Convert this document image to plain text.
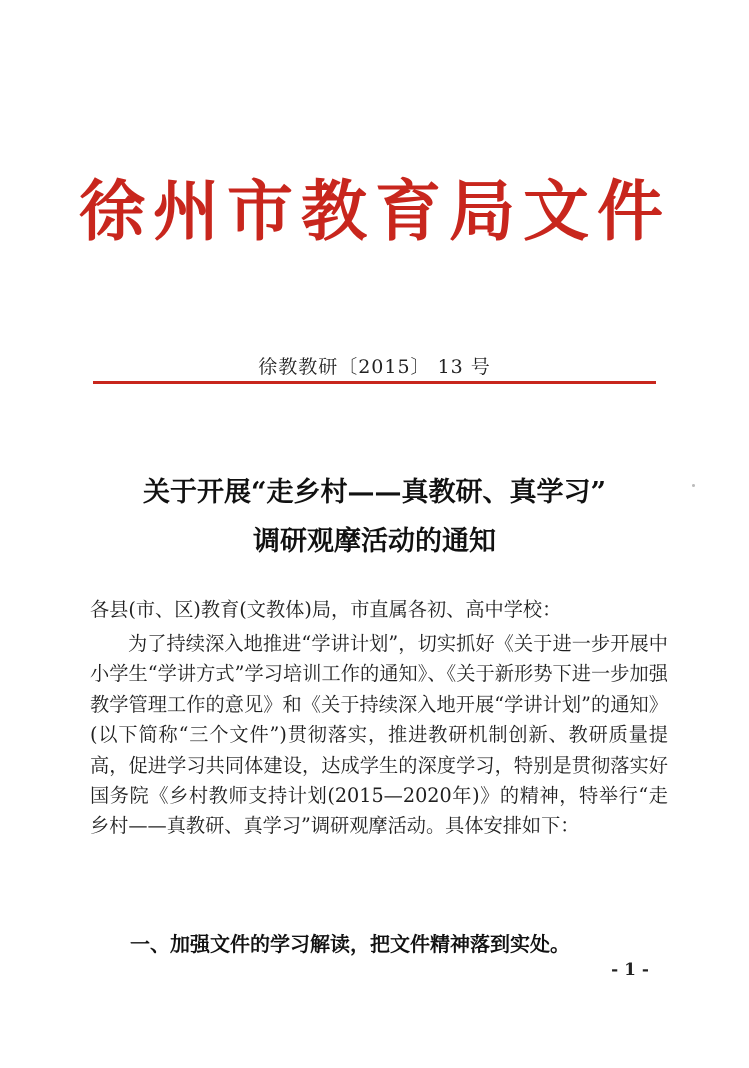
徐州市教育局文件
徐教教研〔2015〕 13 号
关于开展“走乡村——真教研、真学习”
调研观摩活动的通知
各县(市、区)教育(文教体)局，市直属各初、高中学校：
为了持续深入地推进“学讲计划”，切实抓好《关于进一步开展中小学生“学讲方式”学习培训工作的通知》、《关于新形势下进一步加强教学管理工作的意见》和《关于持续深入地开展“学讲计划”的通知》(以下简称“三个文件”)贯彻落实，推进教研机制创新、教研质量提高，促进学习共同体建设，达成学生的深度学习，特别是贯彻落实好国务院《乡村教师支持计划(2015—2020年)》的精神，特举行“走乡村——真教研、真学习”调研观摩活动。具体安排如下：
一、加强文件的学习解读，把文件精神落到实处。
- 1 -
